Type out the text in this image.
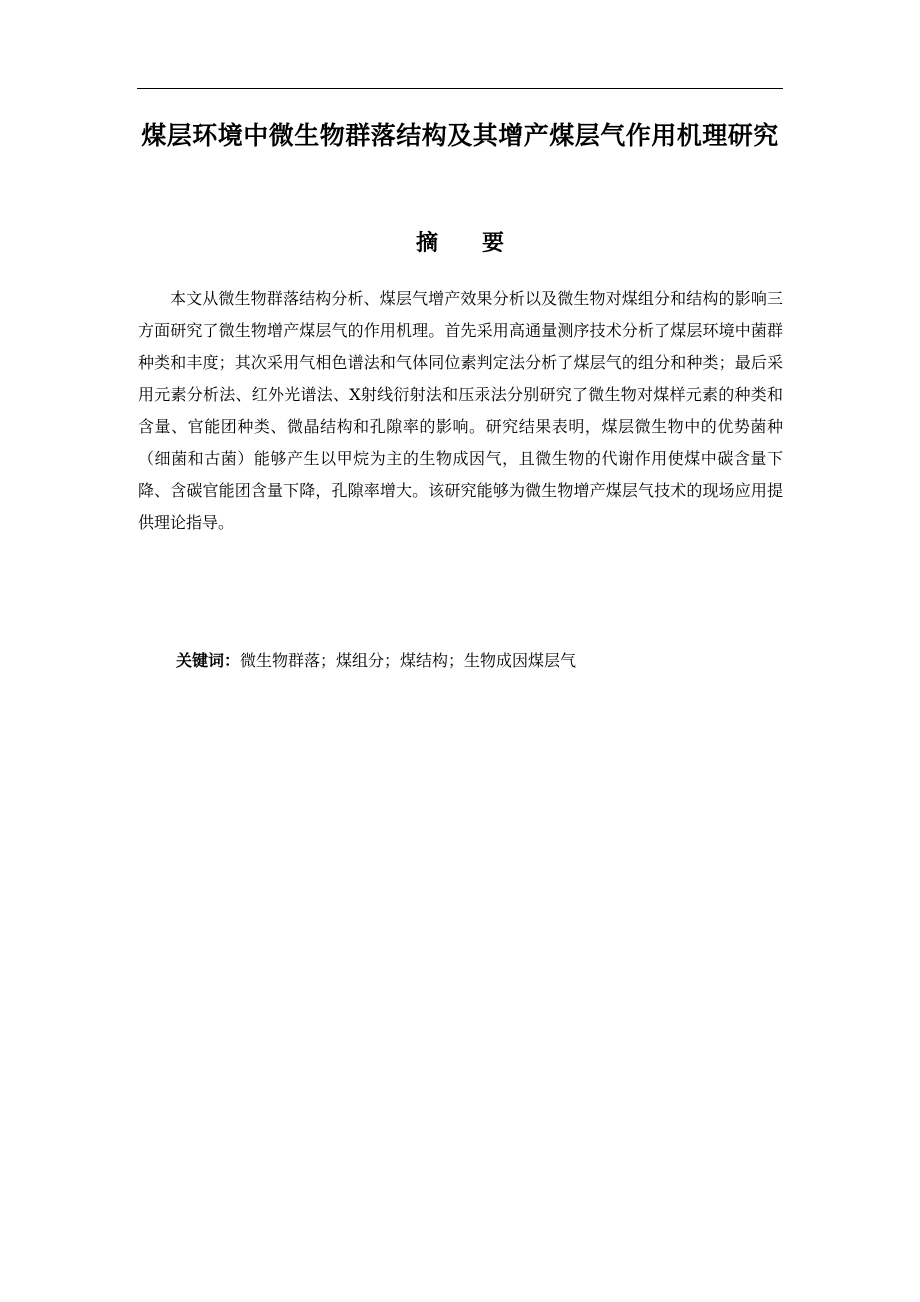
煤层环境中微生物群落结构及其增产煤层气作用机理研究
摘　要

本文从微生物群落结构分析、煤层气增产效果分析以及微生物对煤组分和结构的影响三方面研究了微生物增产煤层气的作用机理。首先采用高通量测序技术分析了煤层环境中菌群种类和丰度；其次采用气相色谱法和气体同位素判定法分析了煤层气的组分和种类；最后采用元素分析法、红外光谱法、X射线衍射法和压汞法分别研究了微生物对煤样元素的种类和含量、官能团种类、微晶结构和孔隙率的影响。研究结果表明，煤层微生物中的优势菌种（细菌和古菌）能够产生以甲烷为主的生物成因气，且微生物的代谢作用使煤中碳含量下降、含碳官能团含量下降，孔隙率增大。该研究能够为微生物增产煤层气技术的现场应用提供理论指导。

关键词：微生物群落；煤组分；煤结构；生物成因煤层气
